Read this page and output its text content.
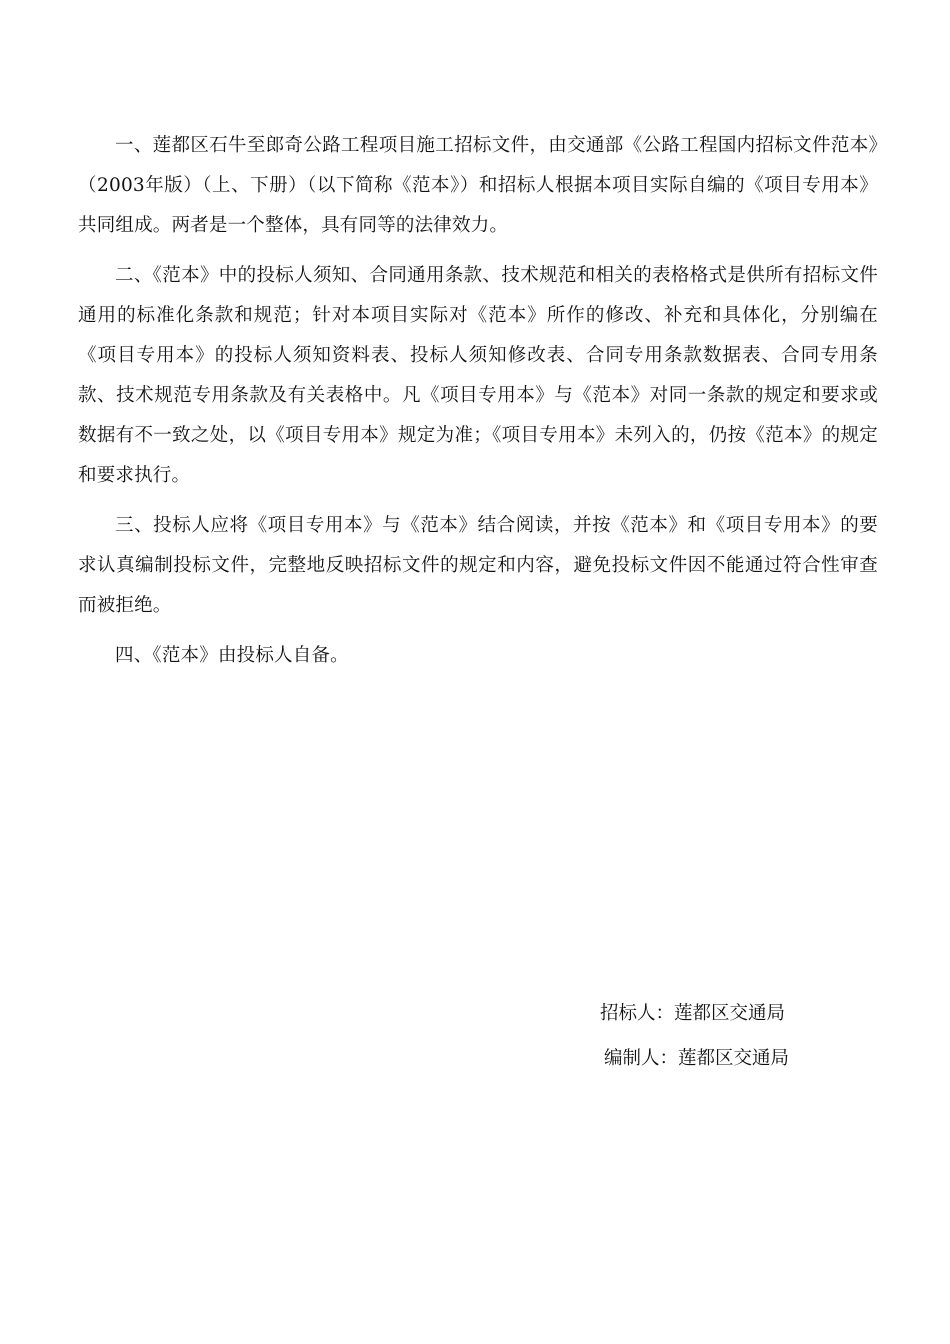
一、莲都区石牛至郎奇公路工程项目施工招标文件，由交通部《公路工程国内招标文件范本》（2003年版）（上、下册）（以下简称《范本》）和招标人根据本项目实际自编的《项目专用本》共同组成。两者是一个整体，具有同等的法律效力。

二、《范本》中的投标人须知、合同通用条款、技术规范和相关的表格格式是供所有招标文件通用的标准化条款和规范；针对本项目实际对《范本》所作的修改、补充和具体化，分别编在《项目专用本》的投标人须知资料表、投标人须知修改表、合同专用条款数据表、合同专用条款、技术规范专用条款及有关表格中。凡《项目专用本》与《范本》对同一条款的规定和要求或数据有不一致之处，以《项目专用本》规定为准；《项目专用本》未列入的，仍按《范本》的规定和要求执行。

三、投标人应将《项目专用本》与《范本》结合阅读，并按《范本》和《项目专用本》的要求认真编制投标文件，完整地反映招标文件的规定和内容，避免投标文件因不能通过符合性审查而被拒绝。

四、《范本》由投标人自备。

招标人：莲都区交通局
编制人：莲都区交通局
